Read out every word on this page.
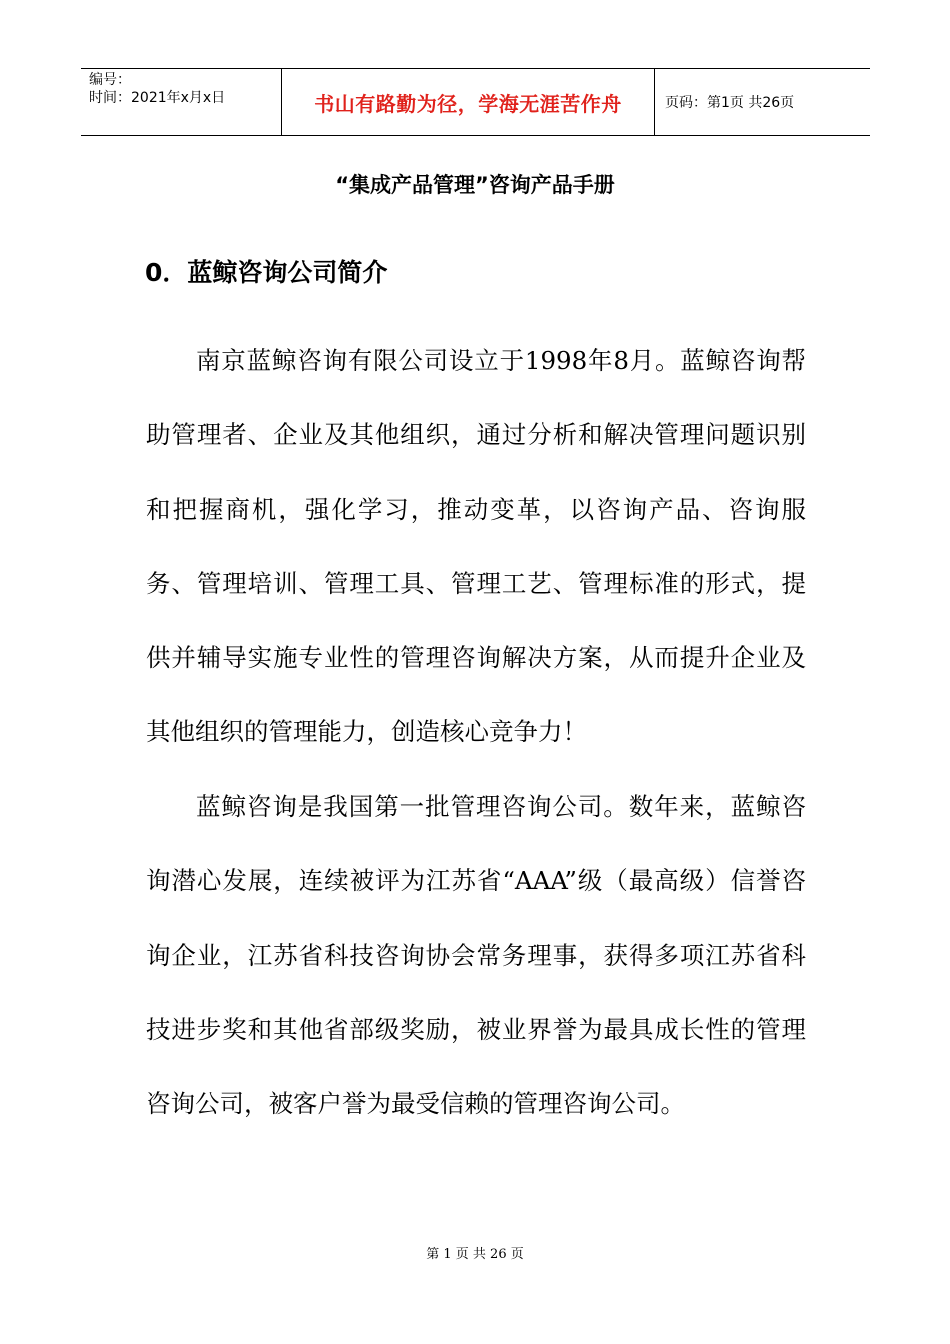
编号：
时间：2021年x月x日	书山有路勤为径，学海无涯苦作舟	页码：第1页 共26页
“集成产品管理”咨询产品手册
0．蓝鲸咨询公司简介

南京蓝鲸咨询有限公司设立于1998年8月。蓝鲸咨询帮助管理者、企业及其他组织，通过分析和解决管理问题识别和把握商机，强化学习，推动变革，以咨询产品、咨询服务、管理培训、管理工具、管理工艺、管理标准的形式，提供并辅导实施专业性的管理咨询解决方案，从而提升企业及其他组织的管理能力，创造核心竞争力！

蓝鲸咨询是我国第一批管理咨询公司。数年来，蓝鲸咨询潜心发展，连续被评为江苏省“AAA”级（最高级）信誉咨询企业，江苏省科技咨询协会常务理事，获得多项江苏省科技进步奖和其他省部级奖励，被业界誉为最具成长性的管理咨询公司，被客户誉为最受信赖的管理咨询公司。

第 1 页 共 26 页
